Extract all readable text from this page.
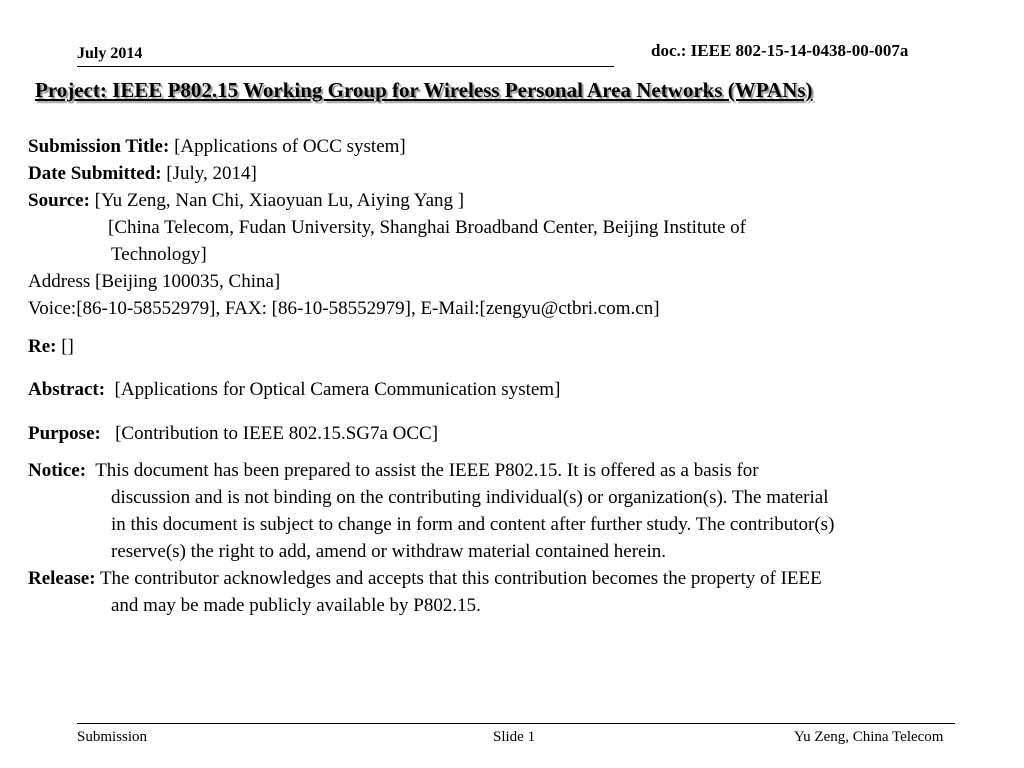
July 2014	doc.: IEEE 802-15-14-0438-00-007a
Project: IEEE P802.15 Working Group for Wireless Personal Area Networks (WPANs)
Submission Title: [Applications of OCC system]
Date Submitted: [July, 2014]
Source: [Yu Zeng, Nan Chi, Xiaoyuan Lu, Aiying Yang ]
[China Telecom, Fudan University, Shanghai Broadband Center, Beijing Institute of
Technology]
Address [Beijing 100035, China]
Voice:[86-10-58552979], FAX: [86-10-58552979], E-Mail:[zengyu@ctbri.com.cn]
Re: []
Abstract: [Applications for Optical Camera Communication system]
Purpose: [Contribution to IEEE 802.15.SG7a OCC]
Notice: This document has been prepared to assist the IEEE P802.15. It is offered as a basis for
discussion and is not binding on the contributing individual(s) or organization(s). The material
in this document is subject to change in form and content after further study. The contributor(s)
reserve(s) the right to add, amend or withdraw material contained herein.
Release: The contributor acknowledges and accepts that this contribution becomes the property of IEEE
and may be made publicly available by P802.15.
Submission	Slide 1	Yu Zeng, China Telecom
